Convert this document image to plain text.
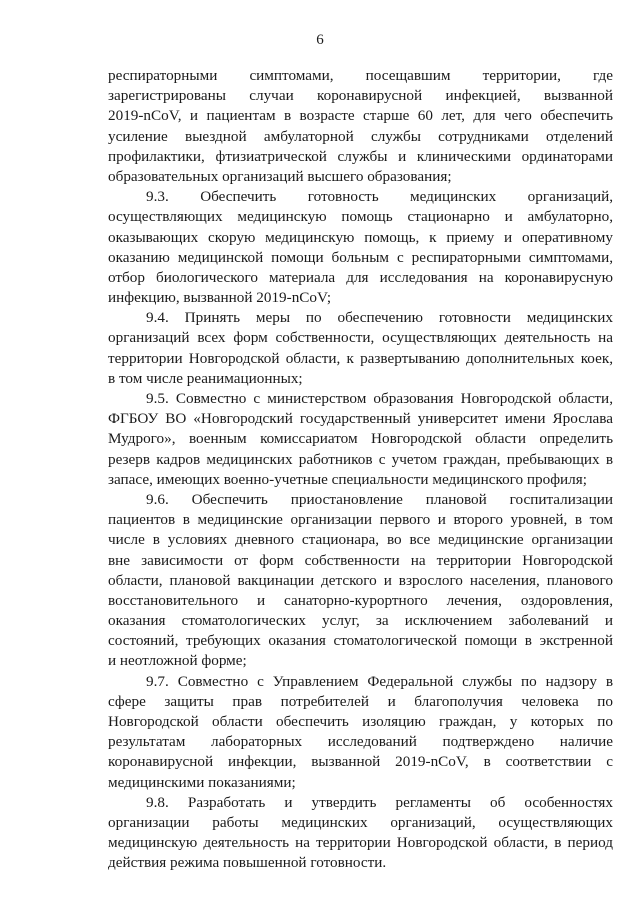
6
респираторными симптомами, посещавшим территории, где
зарегистрированы случаи коронавирусной инфекцией, вызванной
2019-nCoV, и пациентам в возрасте старше 60 лет, для чего обеспечить
усиление выездной амбулаторной службы сотрудниками отделений
профилактики, фтизиатрической службы и клиническими ординаторами
образовательных организаций высшего образования;
9.3. Обеспечить готовность медицинских организаций,
осуществляющих медицинскую помощь стационарно и амбулаторно,
оказывающих скорую медицинскую помощь, к приему и оперативному
оказанию медицинской помощи больным с респираторными симптомами,
отбор биологического материала для исследования на коронавирусную
инфекцию, вызванной 2019-nCoV;
9.4. Принять меры по обеспечению готовности медицинских
организаций всех форм собственности, осуществляющих деятельность на
территории Новгородской области, к развертыванию дополнительных коек,
в том числе реанимационных;
9.5. Совместно с министерством образования Новгородской области,
ФГБОУ ВО «Новгородский государственный университет имени Ярослава
Мудрого», военным комиссариатом Новгородской области определить
резерв кадров медицинских работников с учетом граждан, пребывающих в
запасе, имеющих военно-учетные специальности медицинского профиля;
9.6. Обеспечить приостановление плановой госпитализации
пациентов в медицинские организации первого и второго уровней, в том
числе в условиях дневного стационара, во все медицинские организации
вне зависимости от форм собственности на территории Новгородской
области, плановой вакцинации детского и взрослого населения, планового
восстановительного и санаторно-курортного лечения, оздоровления,
оказания стоматологических услуг, за исключением заболеваний и
состояний, требующих оказания стоматологической помощи в экстренной
и неотложной форме;
9.7. Совместно с Управлением Федеральной службы по надзору в
сфере защиты прав потребителей и благополучия человека по
Новгородской области обеспечить изоляцию граждан, у которых по
результатам лабораторных исследований подтверждено наличие
коронавирусной инфекции, вызванной 2019-nCoV, в соответствии с
медицинскими показаниями;
9.8. Разработать и утвердить регламенты об особенностях
организации работы медицинских организаций, осуществляющих
медицинскую деятельность на территории Новгородской области, в период
действия режима повышенной готовности.
